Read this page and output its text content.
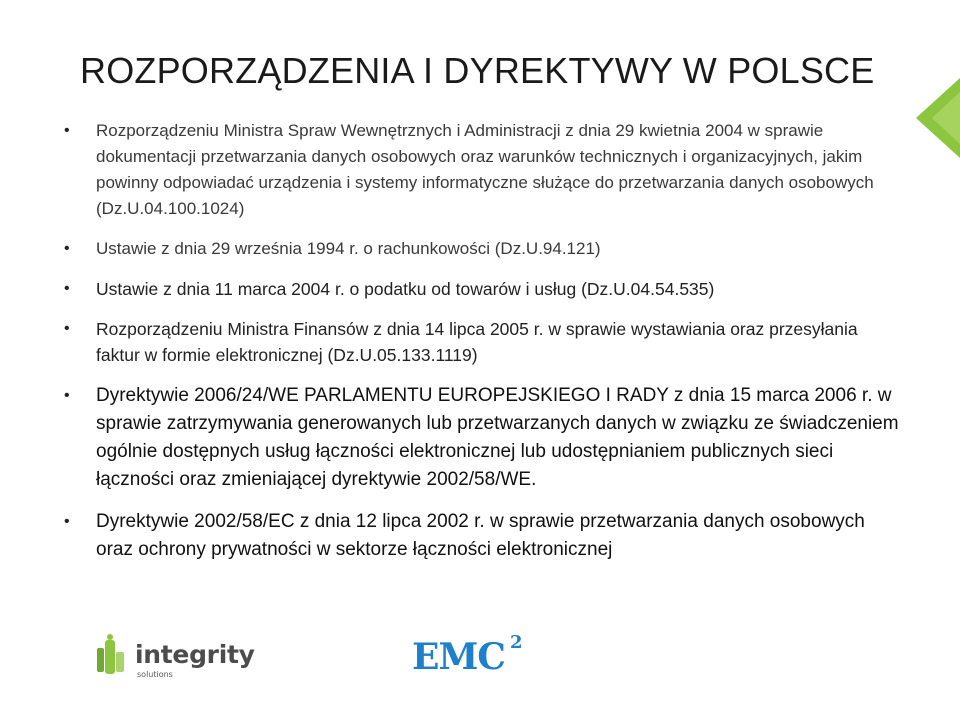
ROZPORZĄDZENIA I DYREKTYWY W POLSCE
• Rozporządzeniu Ministra Spraw Wewnętrznych i Administracji z dnia 29 kwietnia 2004 w sprawie dokumentacji przetwarzania danych osobowych oraz warunków technicznych i organizacyjnych, jakim powinny odpowiadać urządzenia i systemy informatyczne służące do przetwarzania danych osobowych (Dz.U.04.100.1024)
• Ustawie z dnia 29 września 1994 r. o rachunkowości (Dz.U.94.121)
• Ustawie z dnia 11 marca 2004 r. o podatku od towarów i usług (Dz.U.04.54.535)
• Rozporządzeniu Ministra Finansów z dnia 14 lipca 2005 r. w sprawie wystawiania oraz przesyłania faktur w formie elektronicznej (Dz.U.05.133.1119)
• Dyrektywie 2006/24/WE PARLAMENTU EUROPEJSKIEGO I RADY z dnia 15 marca 2006 r. w sprawie zatrzymywania generowanych lub przetwarzanych danych w związku ze świadczeniem ogólnie dostępnych usług łączności elektronicznej lub udostępnianiem publicznych sieci łączności oraz zmieniającej dyrektywie 2002/58/WE.
• Dyrektywie 2002/58/EC z dnia 12 lipca 2002 r. w sprawie przetwarzania danych osobowych oraz ochrony prywatności w sektorze łączności elektronicznej
integrity
solutions	EMC 2
